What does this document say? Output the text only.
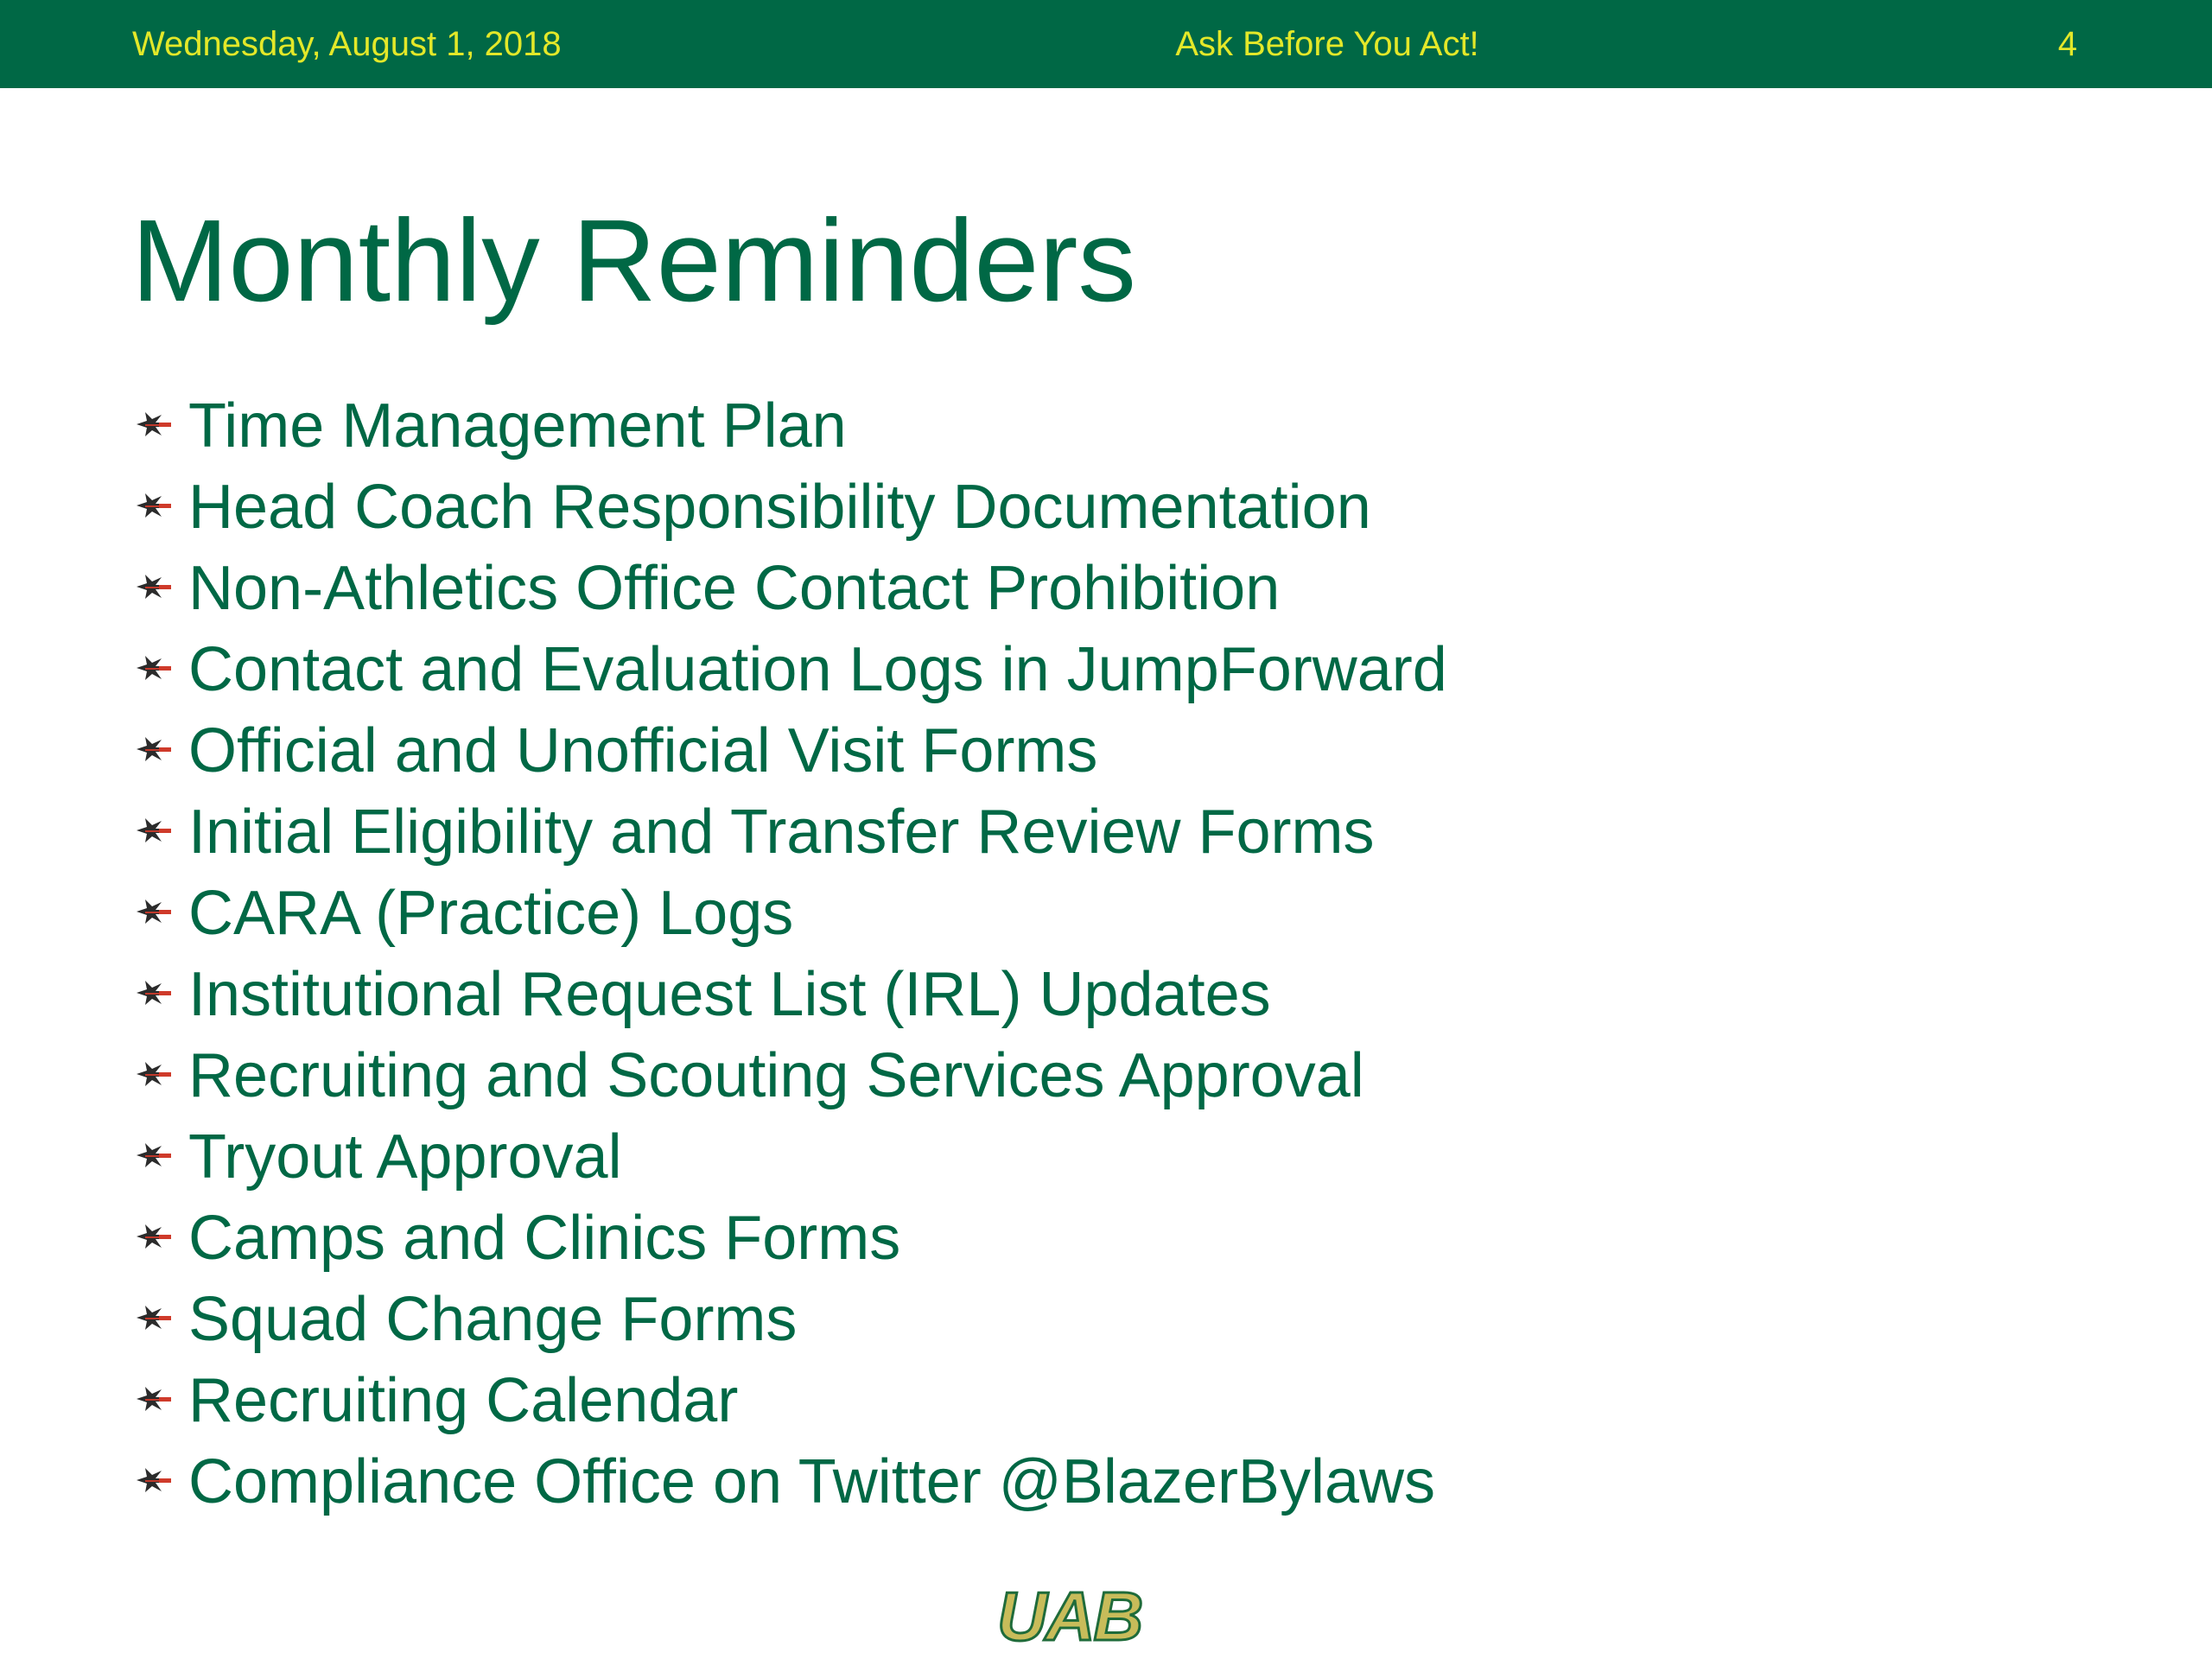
Wednesday, August 1, 2018	Ask Before You Act!	4
Monthly Reminders
Time Management Plan
Head Coach Responsibility Documentation
Non-Athletics Office Contact Prohibition
Contact and Evaluation Logs in JumpForward
Official and Unofficial Visit Forms
Initial Eligibility and Transfer Review Forms
CARA (Practice) Logs
Institutional Request List (IRL) Updates
Recruiting and Scouting Services Approval
Tryout Approval
Camps and Clinics Forms
Squad Change Forms
Recruiting Calendar
Compliance Office on Twitter @BlazerBylaws
UAB
